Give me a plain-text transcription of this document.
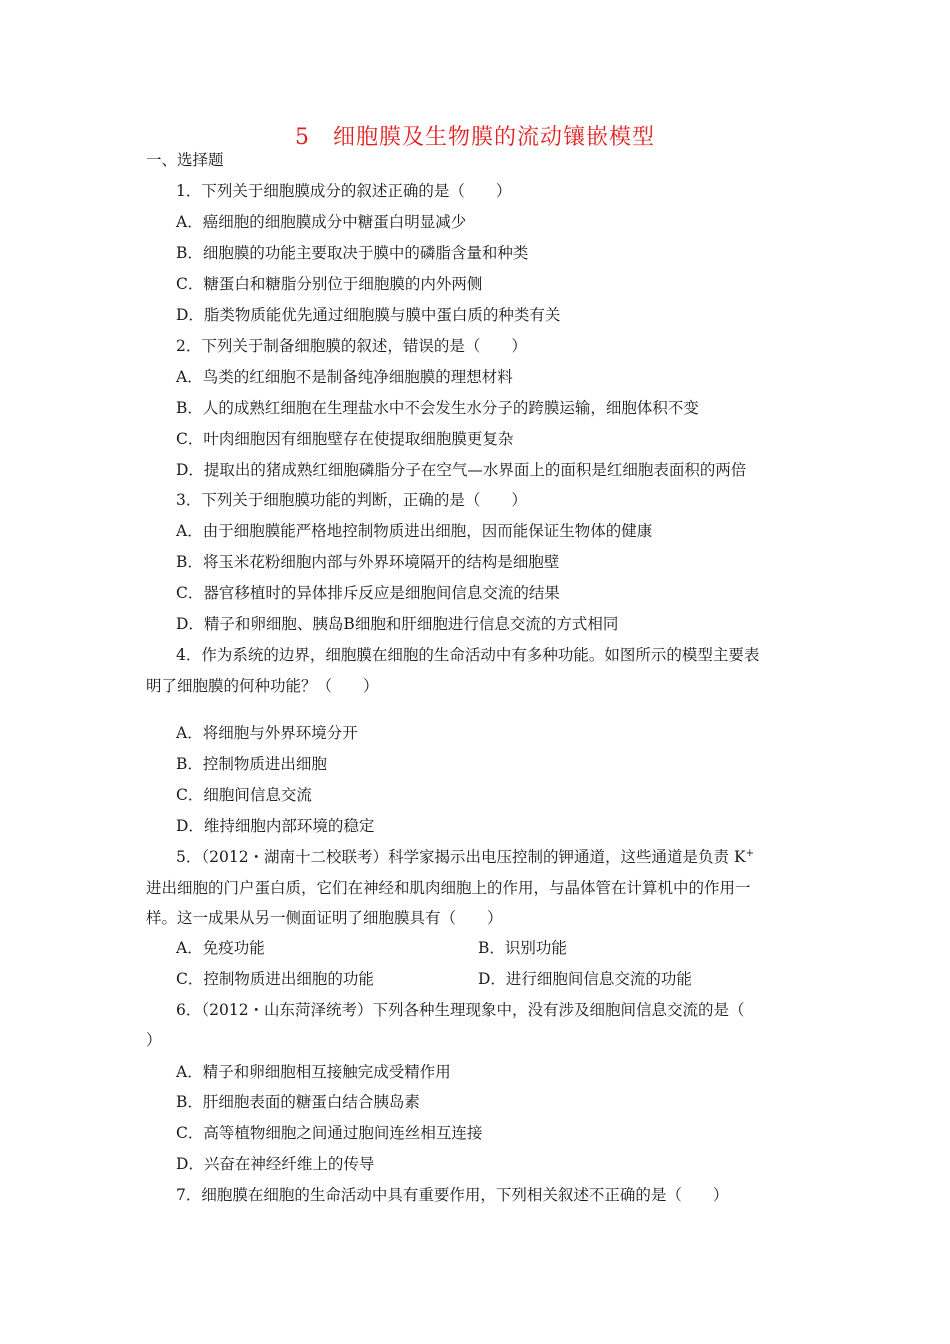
5　细胞膜及生物膜的流动镶嵌模型
一、选择题
1．下列关于细胞膜成分的叙述正确的是（　　）
A．癌细胞的细胞膜成分中糖蛋白明显减少
B．细胞膜的功能主要取决于膜中的磷脂含量和种类
C．糖蛋白和糖脂分别位于细胞膜的内外两侧
D．脂类物质能优先通过细胞膜与膜中蛋白质的种类有关
2．下列关于制备细胞膜的叙述，错误的是（　　）
A．鸟类的红细胞不是制备纯净细胞膜的理想材料
B．人的成熟红细胞在生理盐水中不会发生水分子的跨膜运输，细胞体积不变
C．叶肉细胞因有细胞壁存在使提取细胞膜更复杂
D．提取出的猪成熟红细胞磷脂分子在空气—水界面上的面积是红细胞表面积的两倍
3．下列关于细胞膜功能的判断，正确的是（　　）
A．由于细胞膜能严格地控制物质进出细胞，因而能保证生物体的健康
B．将玉米花粉细胞内部与外界环境隔开的结构是细胞壁
C．器官移植时的异体排斥反应是细胞间信息交流的结果
D．精子和卵细胞、胰岛B细胞和肝细胞进行信息交流的方式相同
4．作为系统的边界，细胞膜在细胞的生命活动中有多种功能。如图所示的模型主要表
明了细胞膜的何种功能？（　　）
A．将细胞与外界环境分开
B．控制物质进出细胞
C．细胞间信息交流
D．维持细胞内部环境的稳定
5．（2012・湖南十二校联考）科学家揭示出电压控制的钾通道，这些通道是负责 K+
进出细胞的门户蛋白质，它们在神经和肌肉细胞上的作用，与晶体管在计算机中的作用一
样。这一成果从另一侧面证明了细胞膜具有（　　）
A．免疫功能	B．识别功能
C．控制物质进出细胞的功能	D．进行细胞间信息交流的功能
6．（2012・山东菏泽统考）下列各种生理现象中，没有涉及细胞间信息交流的是（
）
A．精子和卵细胞相互接触完成受精作用
B．肝细胞表面的糖蛋白结合胰岛素
C．高等植物细胞之间通过胞间连丝相互连接
D．兴奋在神经纤维上的传导
7．细胞膜在细胞的生命活动中具有重要作用，下列相关叙述不正确的是（　　）
